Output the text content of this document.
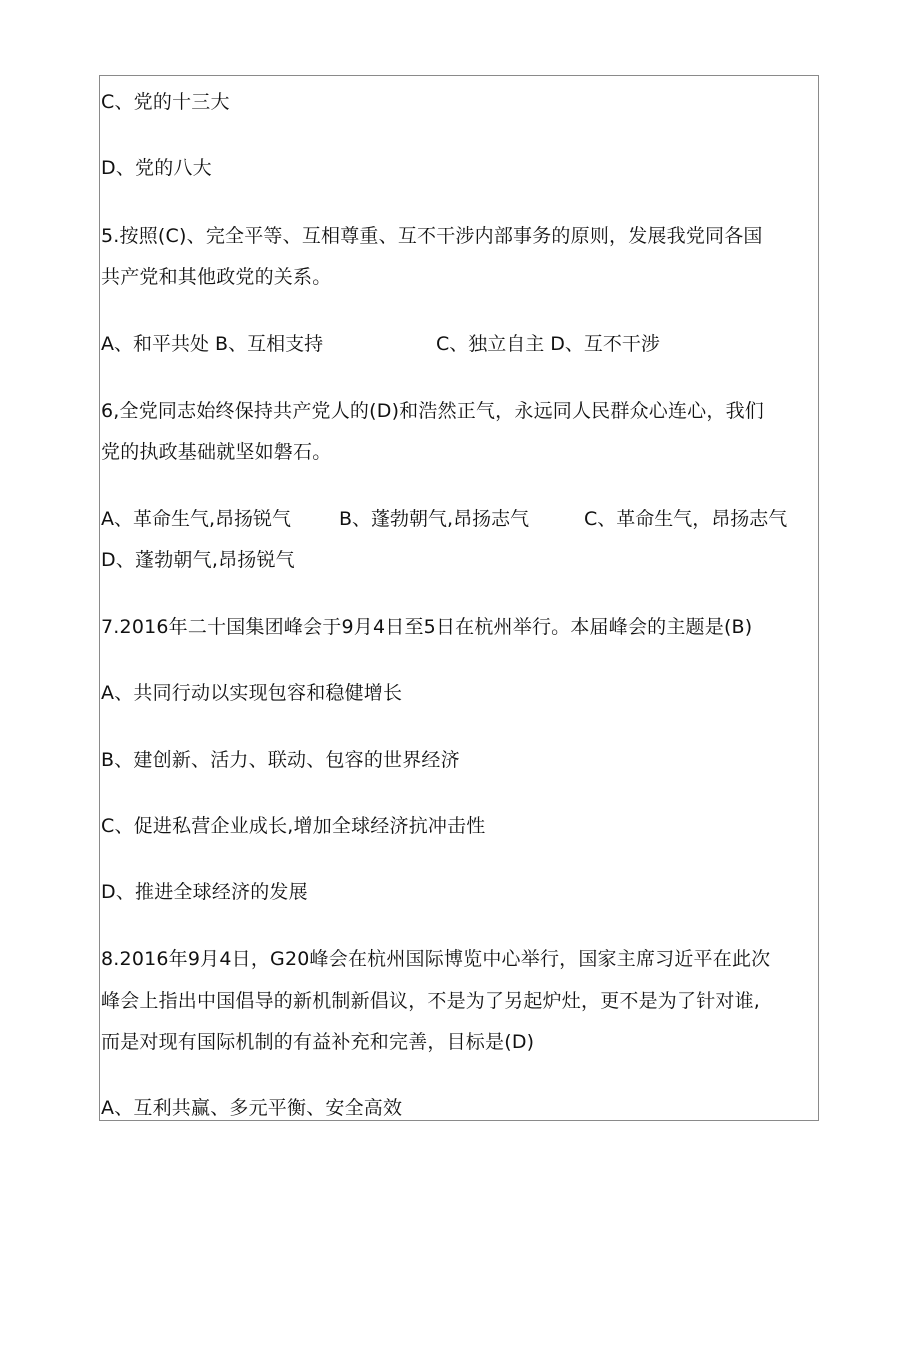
C、党的十三大
D、党的八大
5.按照(C)、完全平等、互相尊重、互不干涉内部事务的原则，发展我党同各国
共产党和其他政党的关系。
A、和平共处 B、互相支持	C、独立自主 D、互不干涉
6,全党同志始终保持共产党人的(D)和浩然正气，永远同人民群众心连心，我们
党的执政基础就坚如磐石。
A、革命生气,昂扬锐气	B、蓬勃朝气,昂扬志气	C、革命生气，昂扬志气
D、蓬勃朝气,昂扬锐气
7.2016年二十国集团峰会于9月4日至5日在杭州举行。本届峰会的主题是(B)
A、共同行动以实现包容和稳健增长
B、建创新、活力、联动、包容的世界经济
C、促进私营企业成长,增加全球经济抗冲击性
D、推进全球经济的发展
8.2016年9月4日，G20峰会在杭州国际博览中心举行，国家主席习近平在此次
峰会上指出中国倡导的新机制新倡议，不是为了另起炉灶，更不是为了针对谁,
而是对现有国际机制的有益补充和完善，目标是(D)
A、互利共赢、多元平衡、安全高效
